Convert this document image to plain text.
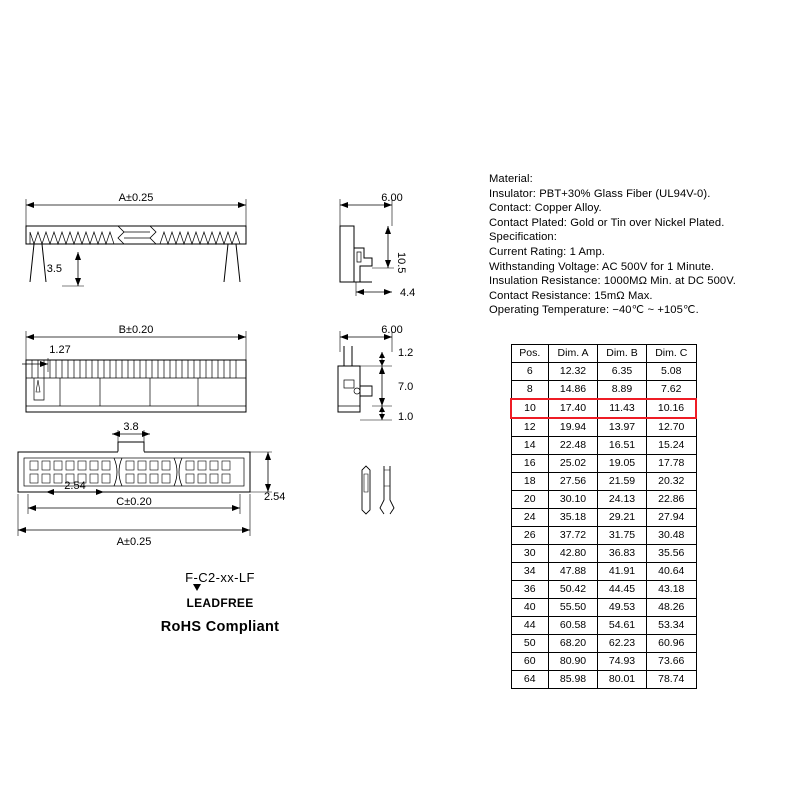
A±0.25
3.5
B±0.20
1.27
3.8
2.54
C±0.20
A±0.25
2.54
6.00
10.5
4.4
6.00
1.2
7.0
1.0
Material:
Insulator: PBT+30% Glass Fiber (UL94V-0).
Contact: Copper Alloy.
Contact Plated: Gold or Tin over Nickel Plated.
Specification:
Current Rating: 1 Amp.
Withstanding Voltage: AC 500V for 1 Minute.
Insulation Resistance: 1000MΩ Min. at DC 500V.
Contact Resistance: 15mΩ Max.
Operating Temperature: −40℃ ~ +105℃.
Pos.	Dim. A	Dim. B	Dim. C
6	12.32	6.35	5.08
8	14.86	8.89	7.62
10	17.40	11.43	10.16
12	19.94	13.97	12.70
14	22.48	16.51	15.24
16	25.02	19.05	17.78
18	27.56	21.59	20.32
20	30.10	24.13	22.86
24	35.18	29.21	27.94
26	37.72	31.75	30.48
30	42.80	36.83	35.56
34	47.88	41.91	40.64
36	50.42	44.45	43.18
40	55.50	49.53	48.26
44	60.58	54.61	53.34
50	68.20	62.23	60.96
60	80.90	74.93	73.66
64	85.98	80.01	78.74
F-C2-xx-LF
LEADFREE
RoHS Compliant
